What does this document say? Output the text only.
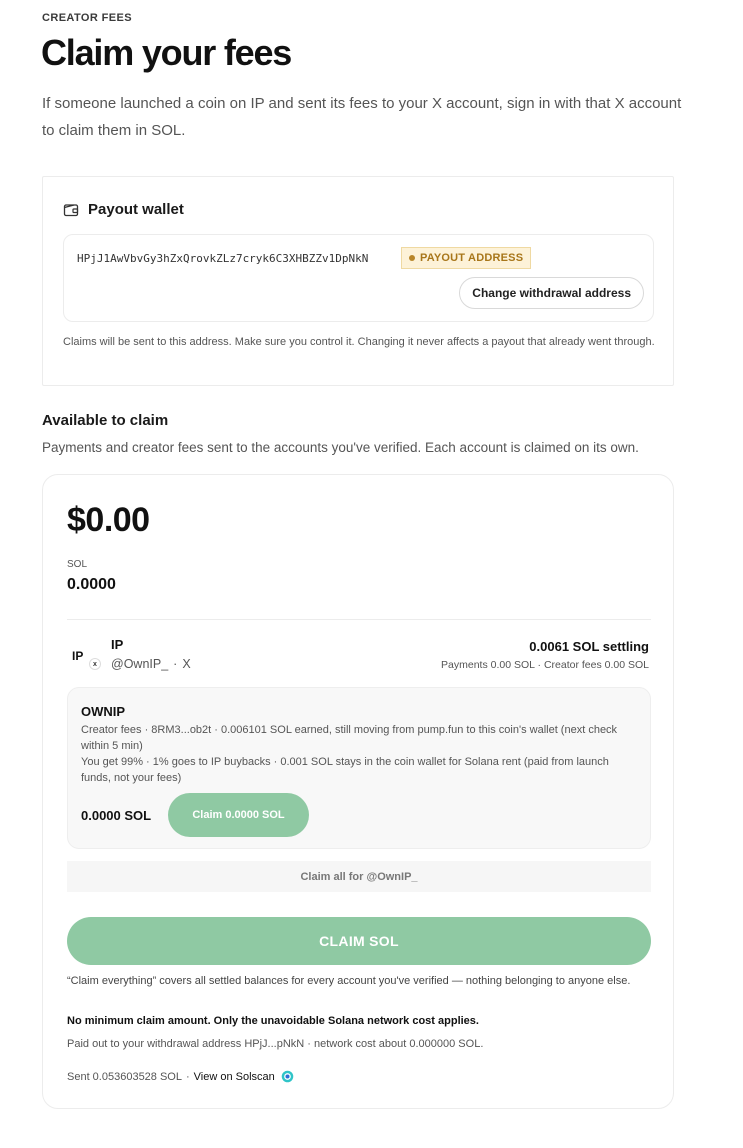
CREATOR FEES
Claim your fees

If someone launched a coin on IP and sent its fees to your X account, sign in with that X account to claim them in SOL.

Payout wallet
HPjJ1AwVbvGy3hZxQrovkZLz7cryk6C3XHBZZv1DpNkN	PAYOUT ADDRESS
Change withdrawal address

Claims will be sent to this address. Make sure you control it. Changing it never affects a payout that already went through.

Available to claim

Payments and creator fees sent to the accounts you've verified. Each account is claimed on its own.

$0.00
SOL
0.0000
IP
x
IP
@OwnIP_ · X
0.0061 SOL settling
Payments 0.00 SOL · Creator fees 0.00 SOL
OWNIP
Creator fees · 8RM3...ob2t · 0.006101 SOL earned, still moving from pump.fun to this coin's wallet (next check within 5 min)
You get 99% · 1% goes to IP buybacks · 0.001 SOL stays in the coin wallet for Solana rent (paid from launch funds, not your fees)
0.0000 SOL	Claim 0.0000 SOL
Claim all for @OwnIP_
CLAIM SOL

“Claim everything” covers all settled balances for every account you've verified — nothing belonging to anyone else.

No minimum claim amount. Only the unavoidable Solana network cost applies.

Paid out to your withdrawal address HPjJ...pNkN · network cost about 0.000000 SOL.

Sent 0.053603528 SOL · View on Solscan
